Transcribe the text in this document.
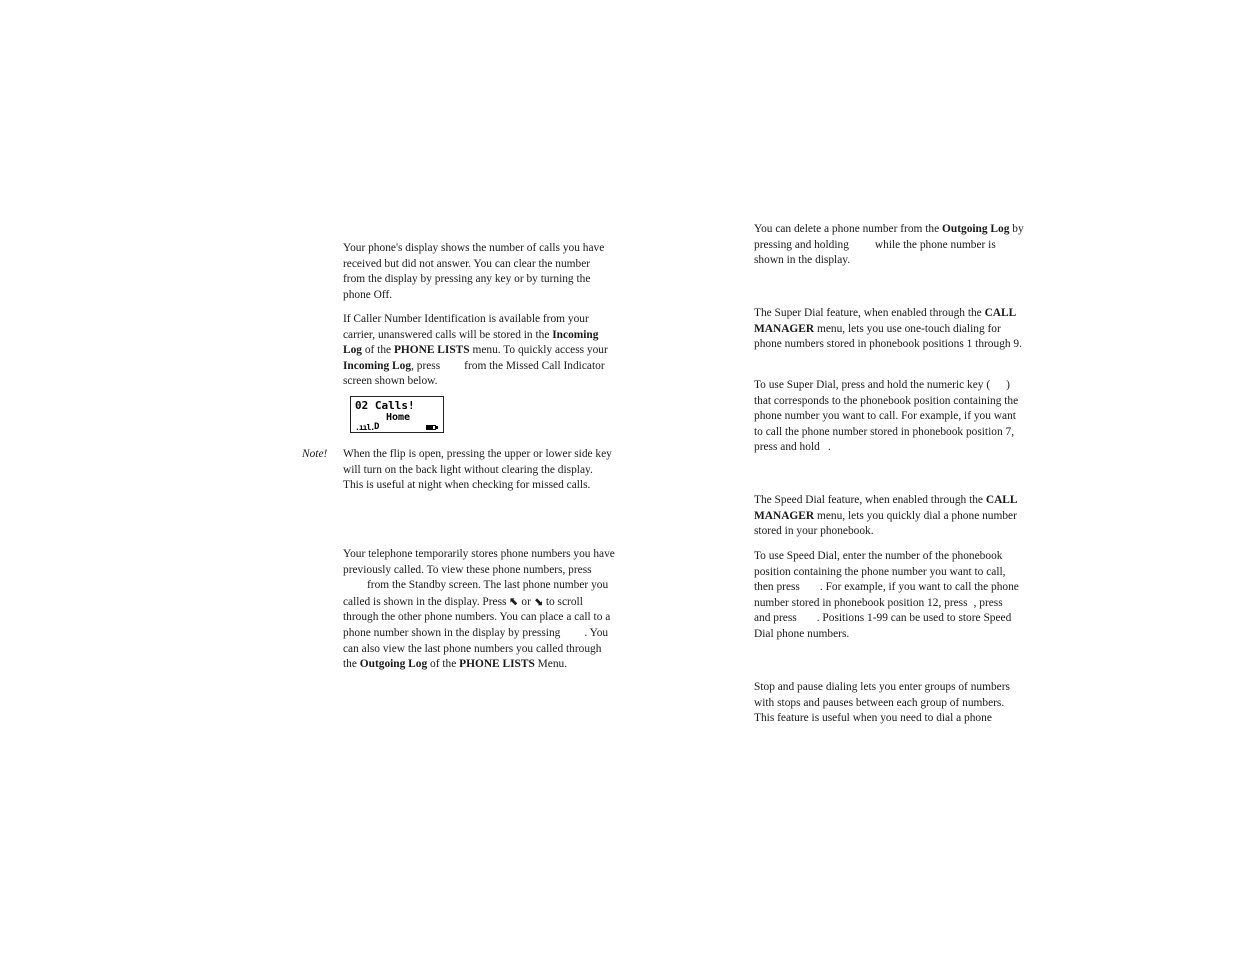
Your phone's display shows the number of calls you have received but did not answer. You can clear the number from the display by pressing any key or by turning the phone Off.

If Caller Number Identification is available from your carrier, unanswered calls will be stored in the Incoming Log of the PHONE LISTS menu. To quickly access your Incoming Log, press from the Missed Call Indicator screen shown below.

02 Calls!
Home
.ııl. D
Note! When the flip is open, pressing the upper or lower side key will turn on the back light without clearing the display. This is useful at night when checking for missed calls.

Your telephone temporarily stores phone numbers you have previously called. To view these phone numbers, pressfrom the Standby screen. The last phone number you called is shown in the display. Press ⬉ or ⬊ to scroll through the other phone numbers. You can place a call to a phone number shown in the display by pressing . You can also view the last phone numbers you called through the Outgoing Log of the PHONE LISTS Menu.

You can delete a phone number from the Outgoing Log by pressing and holding while the phone number is shown in the display.

The Super Dial feature, when enabled through the CALL MANAGER menu, lets you use one-touch dialing for phone numbers stored in phonebook positions 1 through 9.

To use Super Dial, press and hold the numeric key ( ) that corresponds to the phonebook position containing the phone number you want to call. For example, if you want to call the phone number stored in phonebook position 7, press and hold .

The Speed Dial feature, when enabled through the CALL MANAGER menu, lets you quickly dial a phone number stored in your phonebook.

To use Speed Dial, enter the number of the phonebook position containing the phone number you want to call, then press . For example, if you want to call the phone number stored in phonebook position 12, press , pressand press . Positions 1-99 can be used to store Speed Dial phone numbers.

Stop and pause dialing lets you enter groups of numbers with stops and pauses between each group of numbers. This feature is useful when you need to dial a phone
